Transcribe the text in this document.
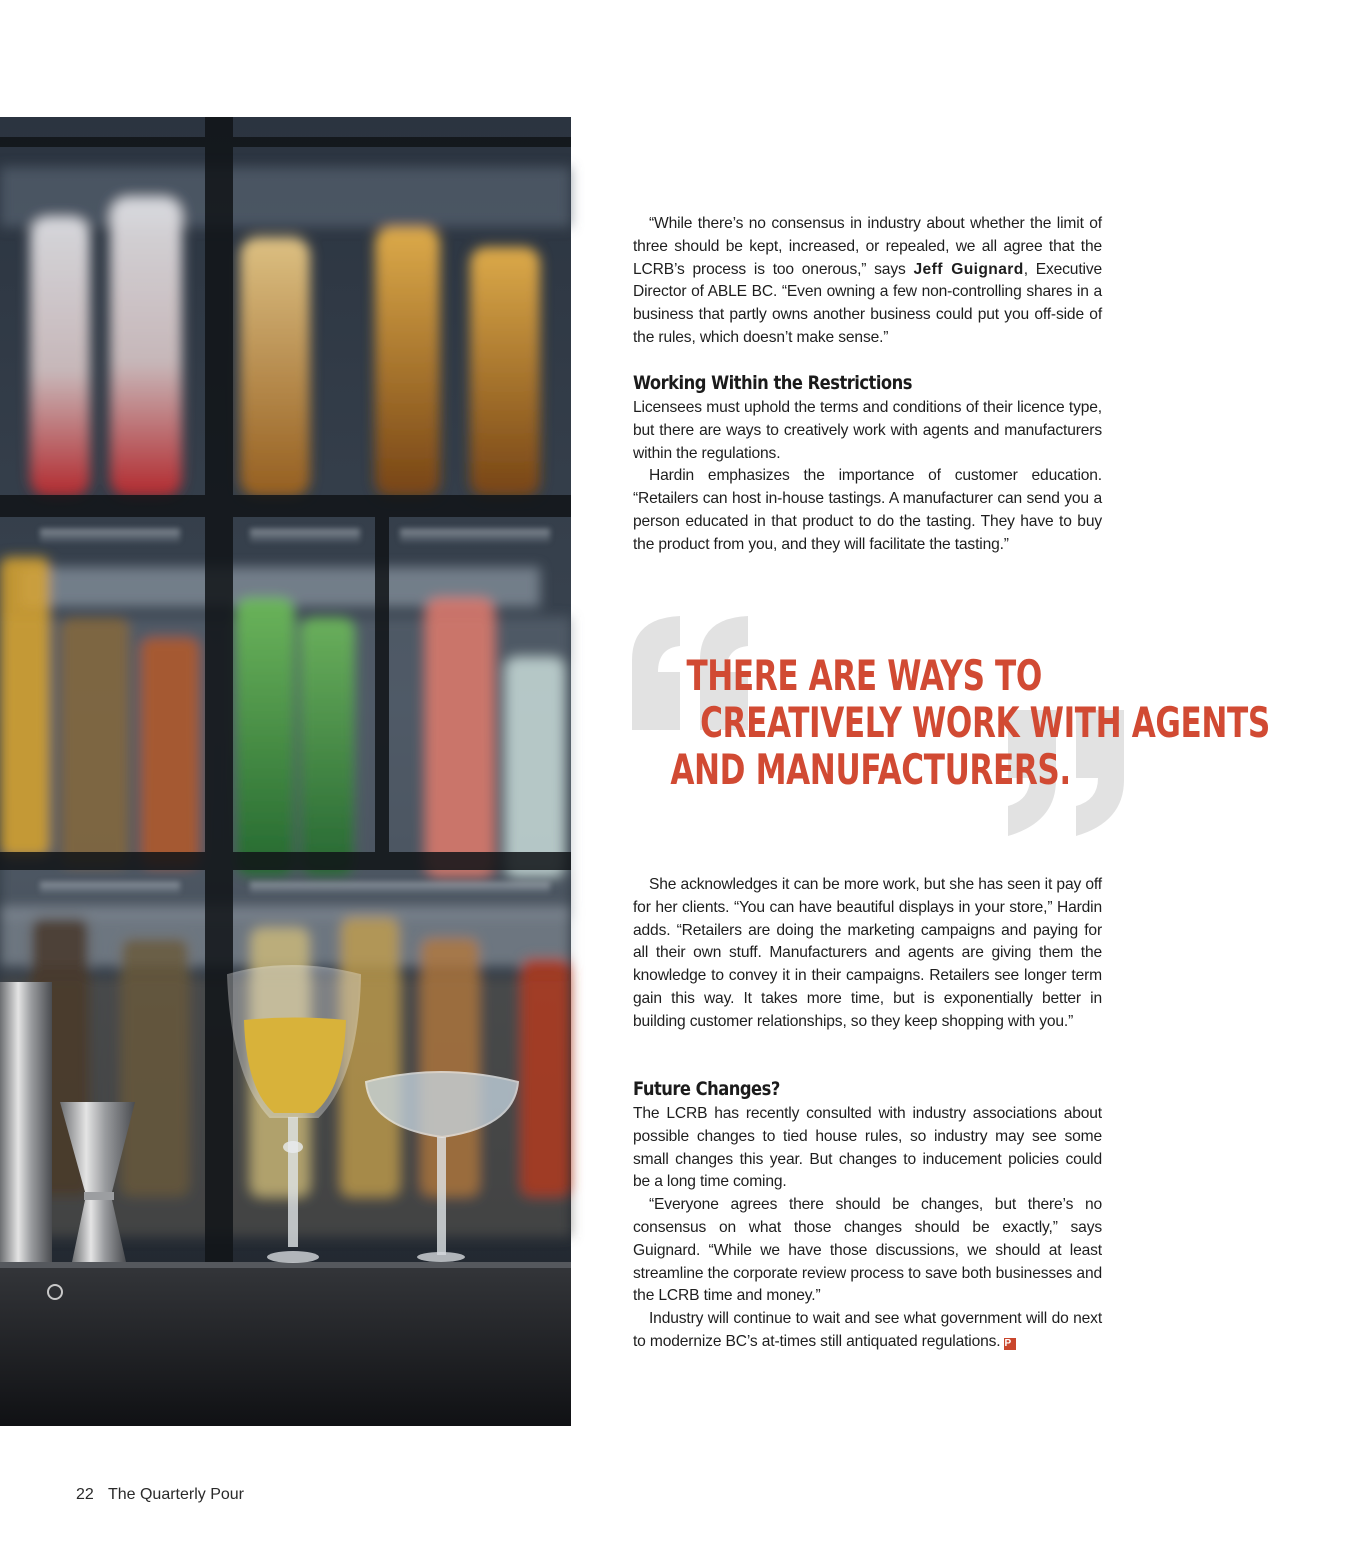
“While there’s no consensus in industry about whether the limit of three should be kept, increased, or repealed, we all agree that the LCRB’s process is too onerous,” says Jeff Guignard, Executive Director of ABLE BC. “Even owning a few non-controlling shares in a business that partly owns another business could put you off-side of the rules, which doesn’t make sense.”

Working Within the Restrictions

Licensees must uphold the terms and conditions of their licence type, but there are ways to creatively work with agents and manufacturers within the regulations.

Hardin emphasizes the importance of customer education. “Retailers can host in-house tastings. A manufacturer can send you a person educated in that product to do the tasting. They have to buy the product from you, and they will facilitate the tasting.”

THERE ARE WAYS TO
CREATIVELY WORK WITH AGENTS
AND MANUFACTURERS.

She acknowledges it can be more work, but she has seen it pay off for her clients. “You can have beautiful displays in your store,” Hardin adds. “Retailers are doing the marketing campaigns and paying for all their own stuff. Manufacturers and agents are giving them the knowledge to convey it in their campaigns. Retailers see longer term gain this way. It takes more time, but is exponentially better in building customer relationships, so they keep shopping with you.”

Future Changes?

The LCRB has recently consulted with industry associations about possible changes to tied house rules, so industry may see some small changes this year. But changes to inducement policies could be a long time coming.

“Everyone agrees there should be changes, but there’s no consensus on what those changes should be exactly,” says Guignard. “While we have those discussions, we should at least streamline the corporate review process to save both businesses and the LCRB time and money.”

Industry will continue to wait and see what government will do next to modernize BC’s at-times still antiquated regulations. P

22 The Quarterly Pour
